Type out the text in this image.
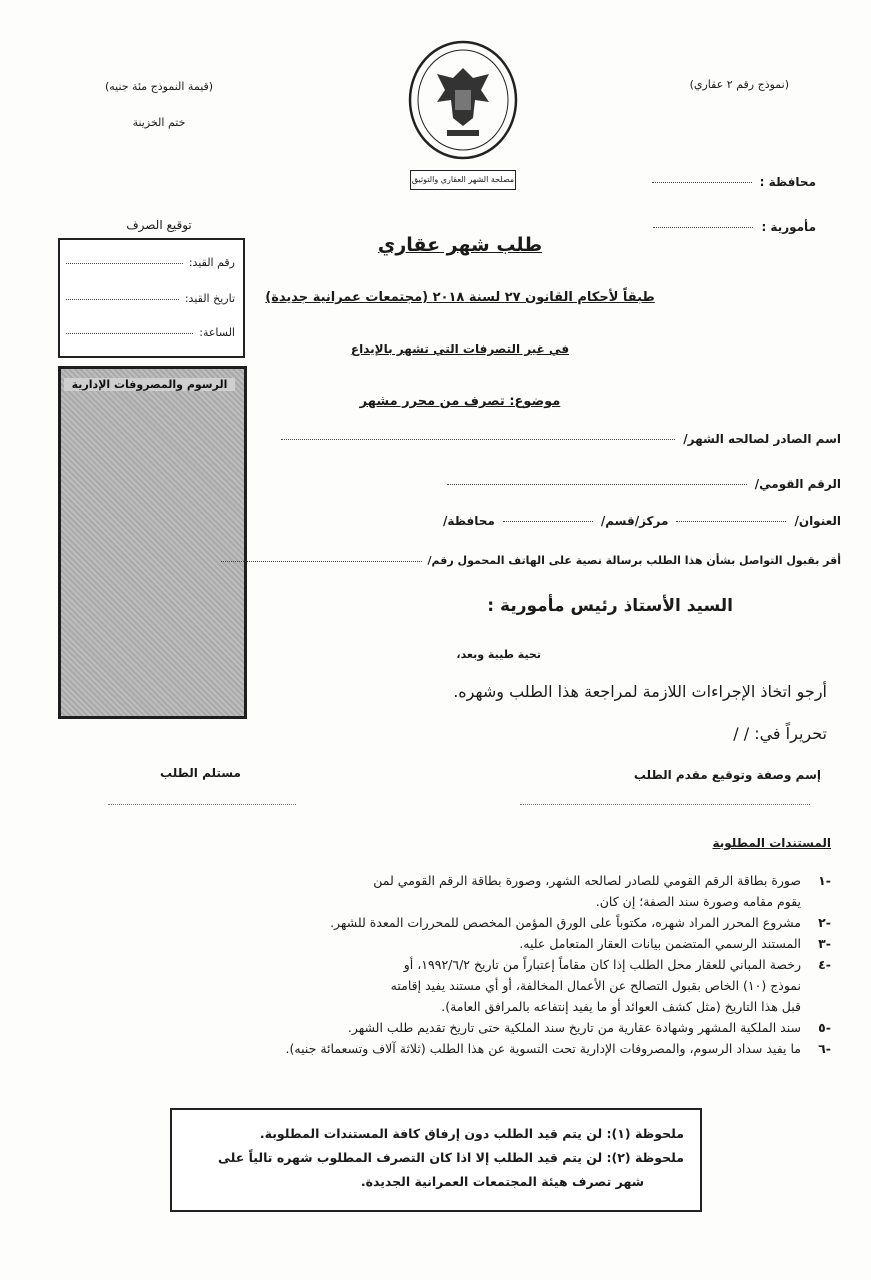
(نموذج رقم ٢ عقاري)
(قيمة النموذج مئة جنيه)
ختم الخزينة
مصلحة الشهر العقاري والتوثيق	محافظة :
مأمورية :
توقيع الصرف
رقم القيد:
تاريخ القيد:
الساعة:
الرسوم والمصروفات الإدارية
طلب شهر عقاري
طبقاً لأحكام القانون ٢٧ لسنة ٢٠١٨ (مجتمعات عمرانية جديدة)
في غير التصرفات التي تشهر بالإيداع
موضوع: تصرف من محرر مشهر
اسم الصادر لصالحه الشهر/
الرقم القومي/
العنوان/
مركز/قسم/
محافظة/
أقر بقبول التواصل بشأن هذا الطلب برسالة نصية على الهاتف المحمول رقم/
السيد الأستاذ رئيس مأمورية :
تحية طيبة وبعد،
أرجو اتخاذ الإجراءات اللازمة لمراجعة هذا الطلب وشهره.
تحريراً في: / /
إسم وصفة وتوقيع مقدم الطلب
مستلم الطلب
المستندات المطلوبة
-١
صورة بطاقة الرقم القومي للصادر لصالحه الشهر، وصورة بطاقة الرقم القومي لمن
يقوم مقامه وصورة سند الصفة؛ إن كان.
-٢
مشروع المحرر المراد شهره، مكتوباً على الورق المؤمن المخصص للمحررات المعدة للشهر.
-٣
المستند الرسمي المتضمن بيانات العقار المتعامل عليه.
-٤
رخصة المباني للعقار محل الطلب إذا كان مقاماً إعتباراً من تاريخ ١٩٩٢/٦/٢، أو
نموذج (١٠) الخاص بقبول التصالح عن الأعمال المخالفة، أو أي مستند يفيد إقامته
قبل هذا التاريخ (مثل كشف العوائد أو ما يفيد إنتفاعه بالمرافق العامة).
-٥
سند الملكية المشهر وشهادة عقارية من تاريخ سند الملكية حتى تاريخ تقديم طلب الشهر.
-٦
ما يفيد سداد الرسوم، والمصروفات الإدارية تحت التسوية عن هذا الطلب (ثلاثة آلاف وتسعمائة جنيه).
ملحوظة (١): لن يتم قيد الطلب دون إرفاق كافة المستندات المطلوبة.
ملحوظة (٢): لن يتم قيد الطلب إلا اذا كان التصرف المطلوب شهره تالياً على
شهر تصرف هيئة المجتمعات العمرانية الجديدة.
